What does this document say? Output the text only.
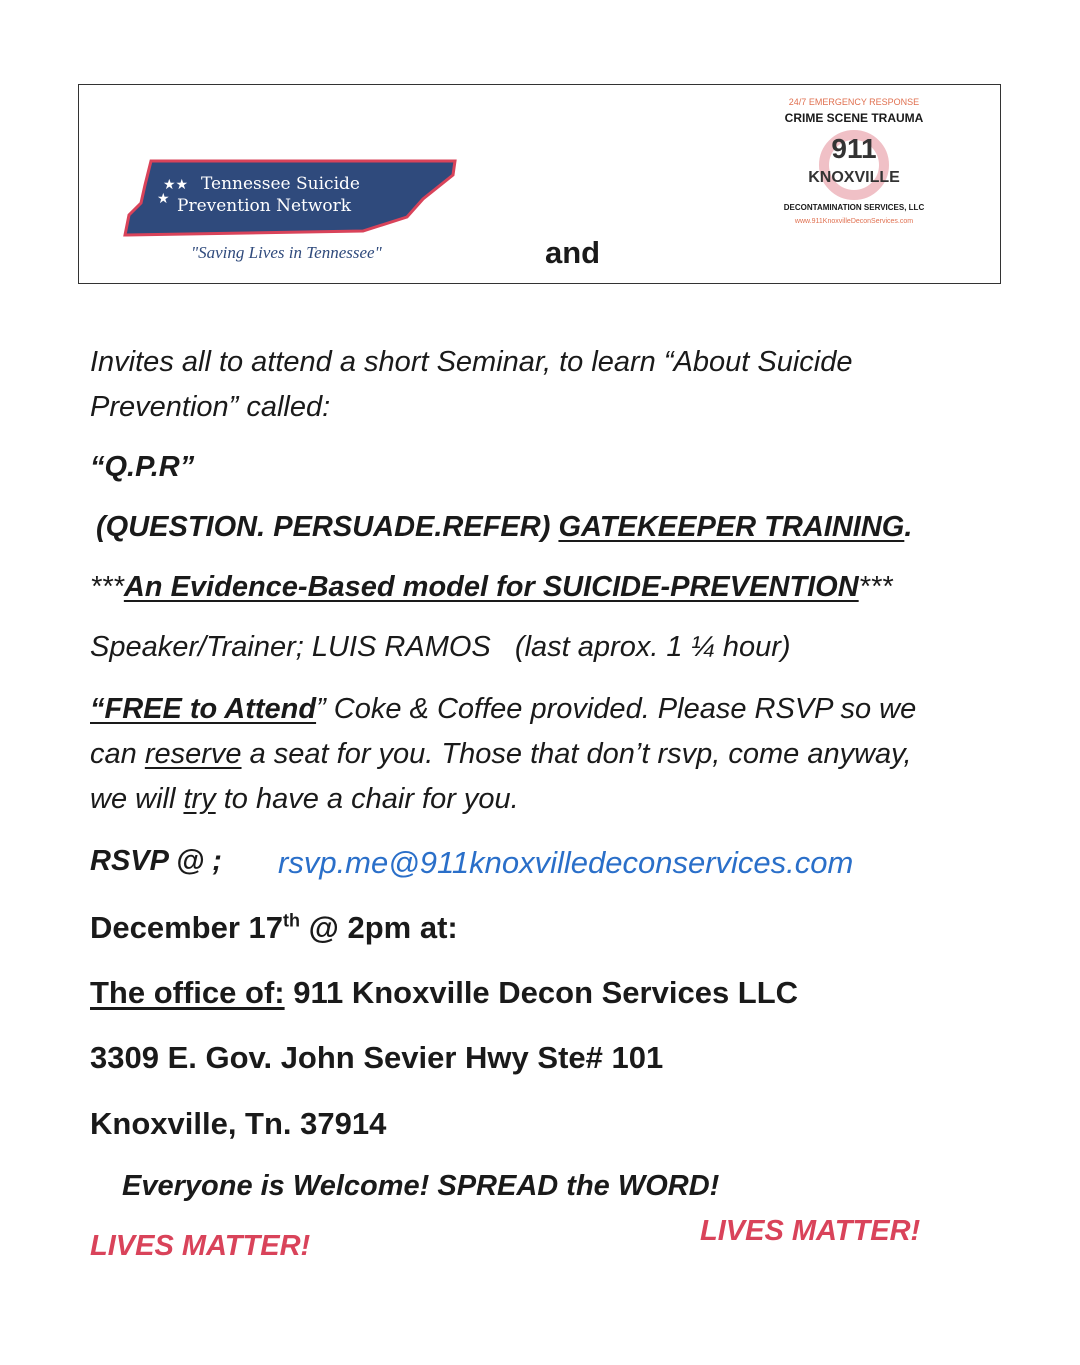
★★
★
Tennessee Suicide
Prevention Network
"Saving Lives in Tennessee"	and
24/7 EMERGENCY RESPONSE
CRIME SCENE TRAUMA
911
KNOXVILLE
DECONTAMINATION SERVICES, LLC
www.911KnoxvilleDeconServices.com
Invites all to attend a short Seminar, to learn “About Suicide
Prevention” called:
“Q.P.R”
(QUESTION. PERSUADE.REFER) GATEKEEPER TRAINING.
***An Evidence-Based model for SUICIDE-PREVENTION***
Speaker/Trainer; LUIS RAMOS   (last aprox. 1 ¼ hour)
“FREE to Attend” Coke & Coffee provided. Please RSVP so we
can reserve a seat for you. Those that don’t rsvp, come anyway,
we will try to have a chair for you.
RSVP @ ; rsvp.me@911knoxvilledeconservices.com
December 17th @ 2pm at:
The office of: 911 Knoxville Decon Services LLC
3309 E. Gov. John Sevier Hwy Ste# 101
Knoxville, Tn. 37914
Everyone is Welcome! SPREAD the WORD!
LIVES MATTER!	LIVES MATTER!
